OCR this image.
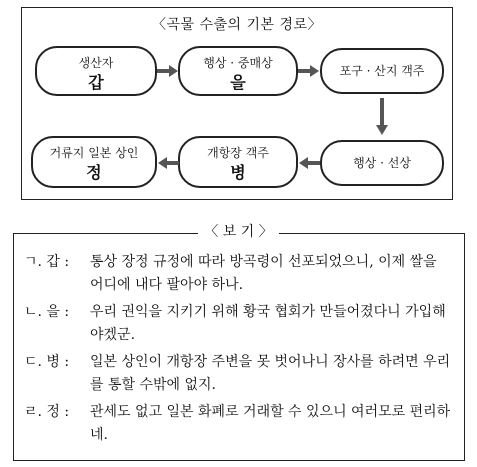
〈곡물 수출의 기본 경로〉
생산자
갑
행상 · 중매상
을
포구 · 산지 객주
행상 · 선상
개항장 객주
병
거류지 일본 상인
정
ㄱ. 갑 :	통상 장정 규정에 따라 방곡령이 선포되었으니, 이제 쌀을 어디에 내다 팔아야 하나.
ㄴ. 을 :	우리 권익을 지키기 위해 황국 협회가 만들어졌다니 가입해야겠군.
ㄷ. 병 :	일본 상인이 개항장 주변을 못 벗어나니 장사를 하려면 우리를 통할 수밖에 없지.
ㄹ. 정 :	관세도 없고 일본 화폐로 거래할 수 있으니 여러모로 편리하네.
〈 보 기 〉
